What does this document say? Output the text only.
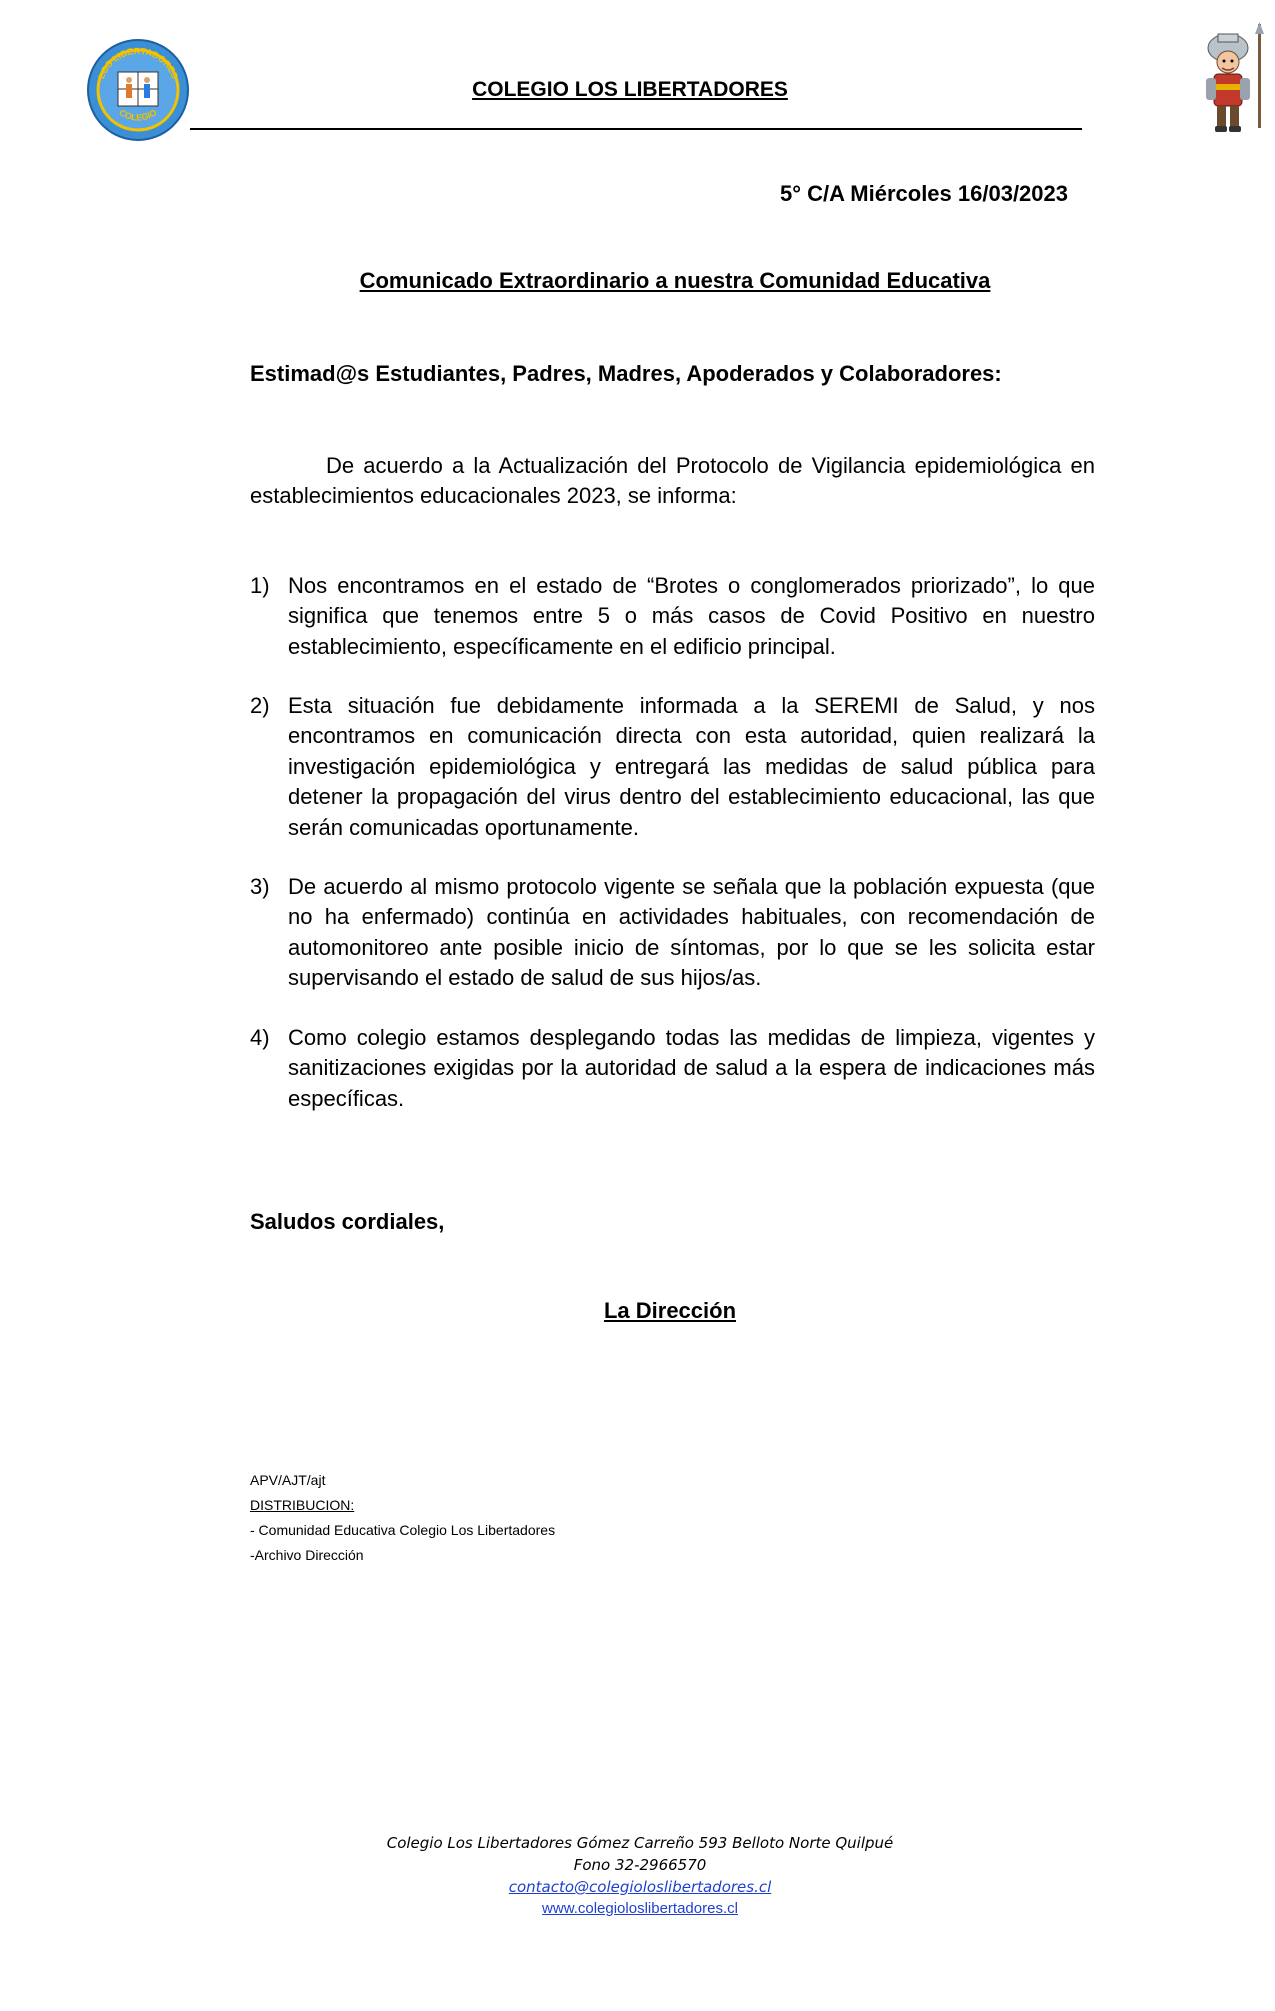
LOS LIBERTADORES
COLEGIO
COLEGIO LOS LIBERTADORES
5° C/A Miércoles 16/03/2023
Comunicado Extraordinario a nuestra Comunidad Educativa
Estimad@s Estudiantes, Padres, Madres, Apoderados y Colaboradores:
De acuerdo a la Actualización del Protocolo de Vigilancia epidemiológica en establecimientos educacionales 2023, se informa:
1) Nos encontramos en el estado de “Brotes o conglomerados priorizado”, lo que significa que tenemos entre 5 o más casos de Covid Positivo en nuestro establecimiento, específicamente en el edificio principal.
2) Esta situación fue debidamente informada a la SEREMI de Salud, y nos encontramos en comunicación directa con esta autoridad, quien realizará la investigación epidemiológica y entregará las medidas de salud pública para detener la propagación del virus dentro del establecimiento educacional, las que serán comunicadas oportunamente.
3) De acuerdo al mismo protocolo vigente se señala que la población expuesta (que no ha enfermado) continúa en actividades habituales, con recomendación de automonitoreo ante posible inicio de síntomas, por lo que se les solicita estar supervisando el estado de salud de sus hijos/as.
4) Como colegio estamos desplegando todas las medidas de limpieza, vigentes y sanitizaciones exigidas por la autoridad de salud a la espera de indicaciones más específicas.
Saludos cordiales,
La Dirección
APV/AJT/ajt
DISTRIBUCION:
- Comunidad Educativa Colegio Los Libertadores
-Archivo Dirección
Colegio Los Libertadores Gómez Carreño 593 Belloto Norte Quilpué
Fono 32-2966570
contacto@colegioloslibertadores.cl
www.colegioloslibertadores.cl
